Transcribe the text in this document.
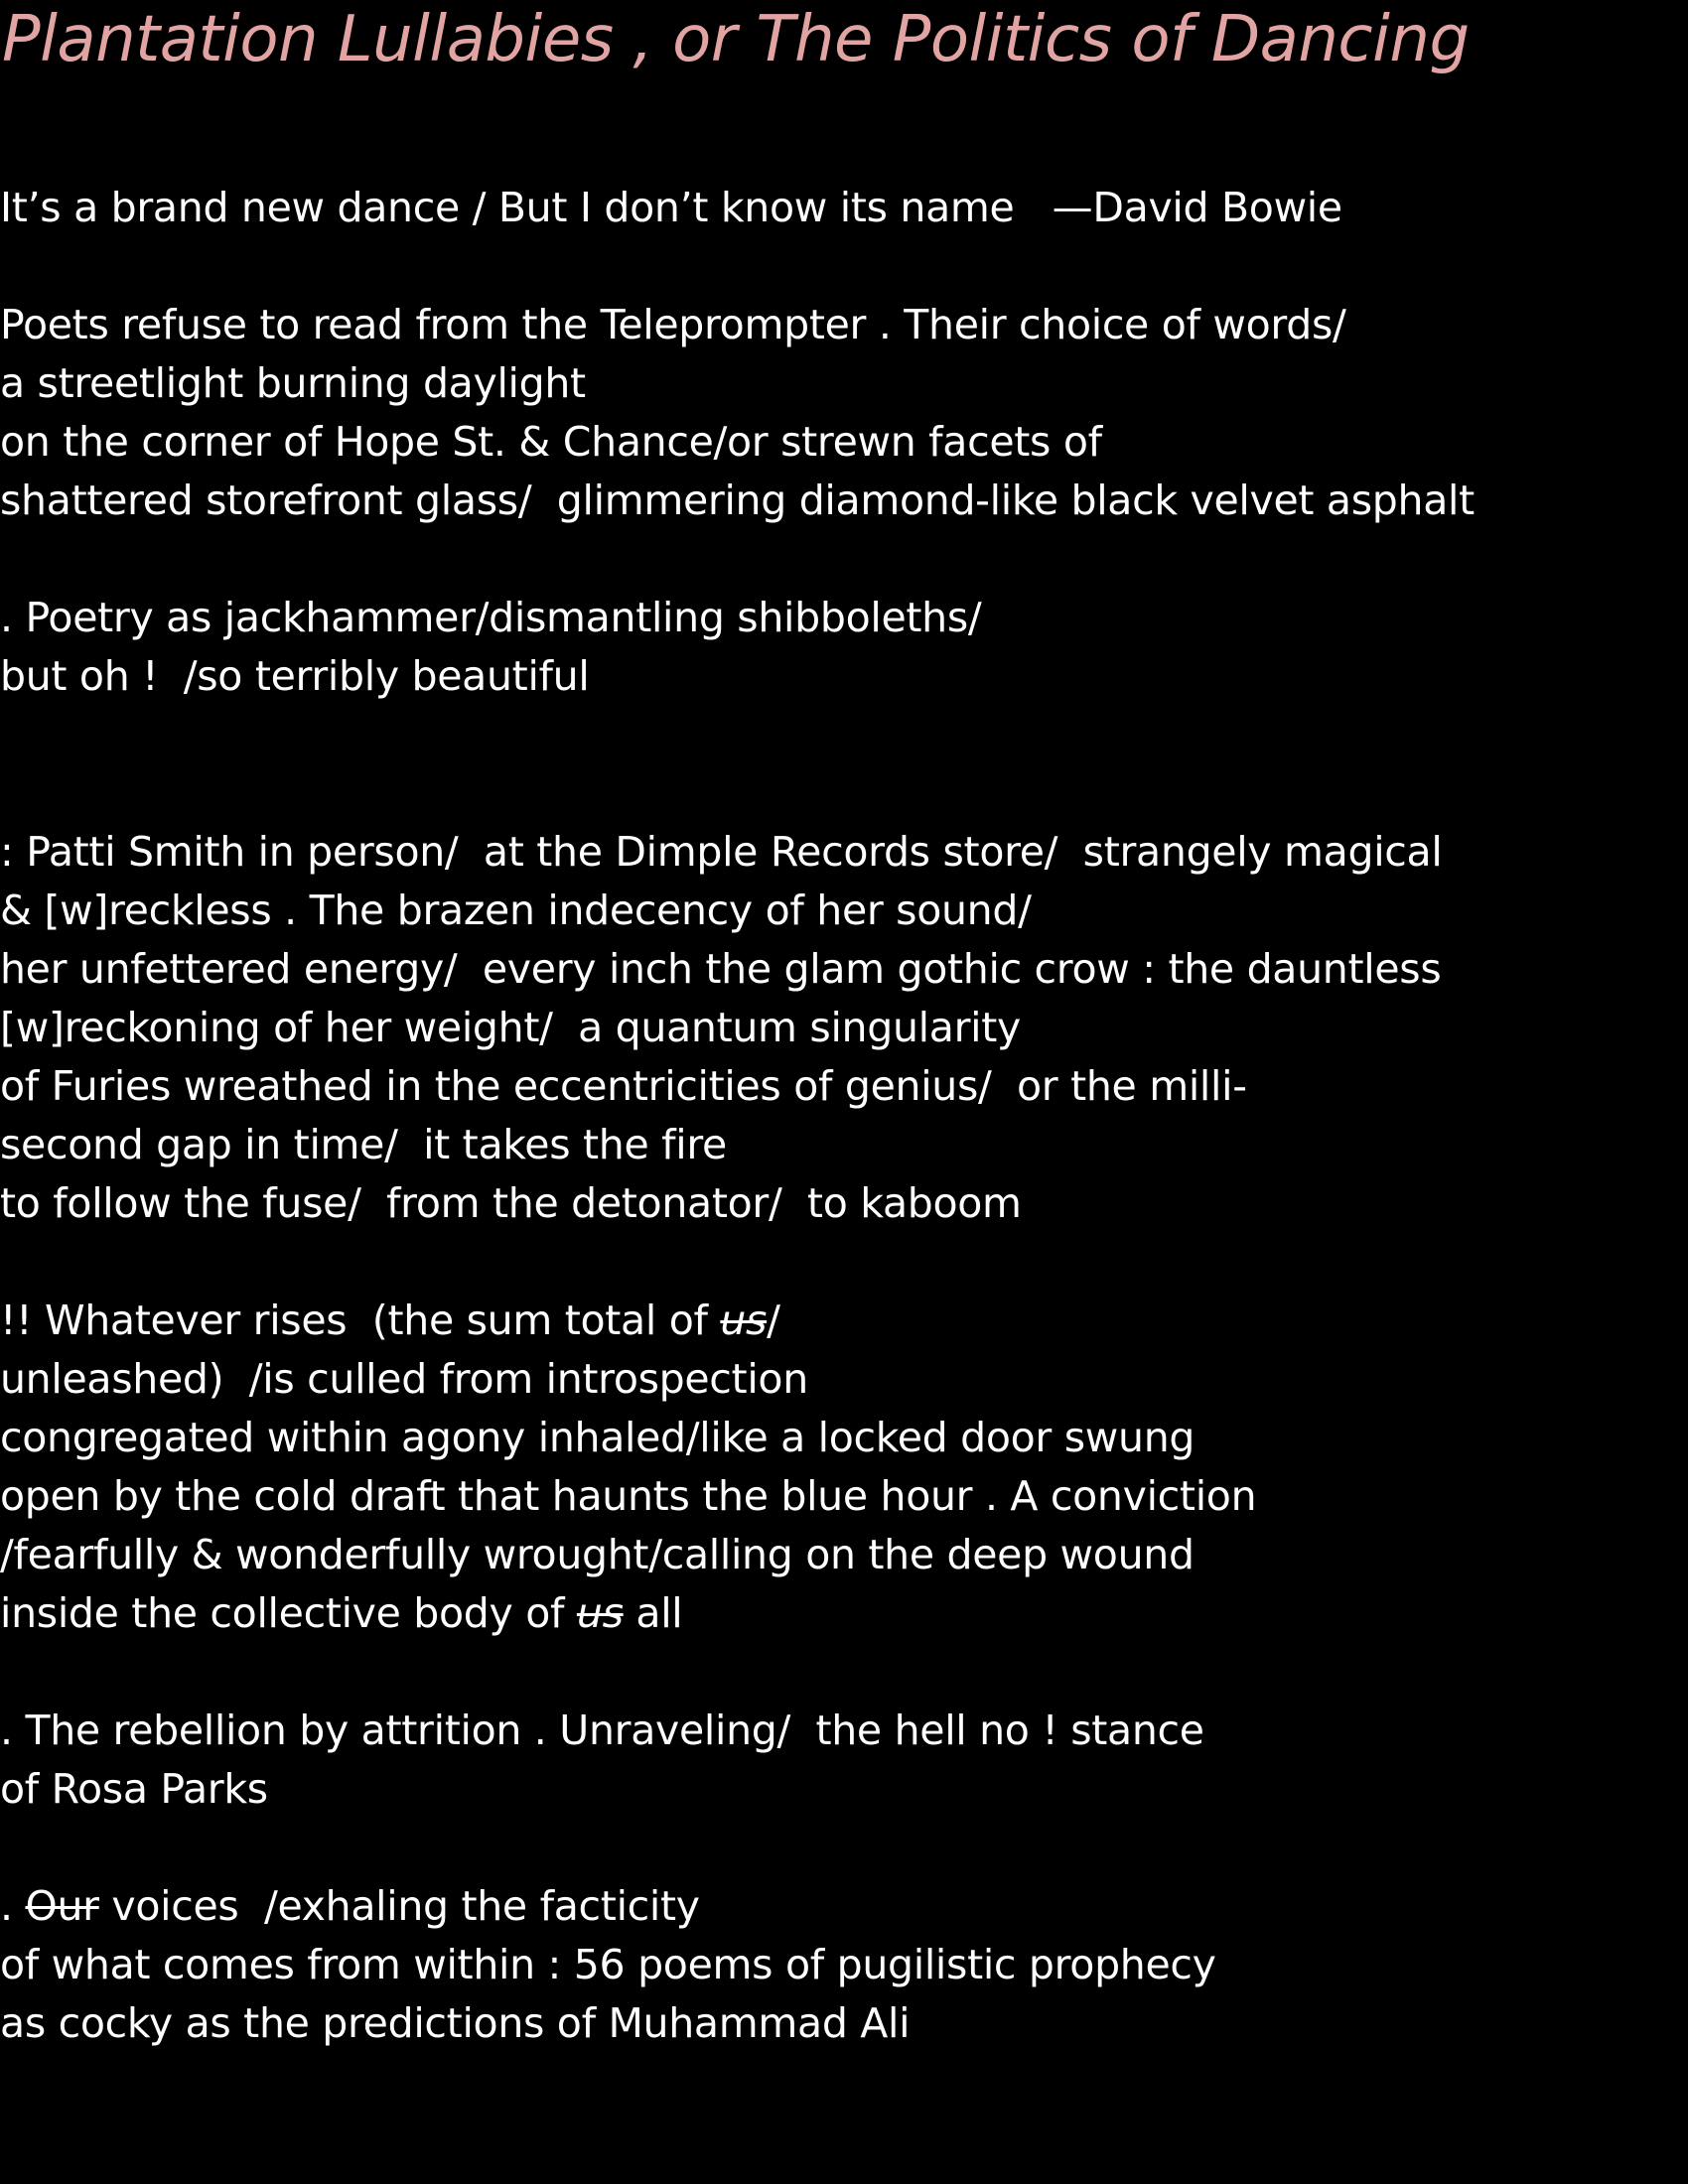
Plantation Lullabies , or The Politics of Dancing

It’s a brand new dance / But I don’t know its name   —David Bowie

Poets refuse to read from the Teleprompter . Their choice of words/

a streetlight burning daylight

on the corner of Hope St. & Chance/or strewn facets of

shattered storefront glass/  glimmering diamond-like black velvet asphalt

. Poetry as jackhammer/dismantling shibboleths/

but oh !  /so terribly beautiful

: Patti Smith in person/  at the Dimple Records store/  strangely magical

& [w]reckless . The brazen indecency of her sound/

her unfettered energy/  every inch the glam gothic crow : the dauntless

[w]reckoning of her weight/  a quantum singularity

of Furies wreathed in the eccentricities of genius/  or the milli-

second gap in time/  it takes the fire

to follow the fuse/  from the detonator/  to kaboom

!! Whatever rises  (the sum total of us/

unleashed)  /is culled from introspection

congregated within agony inhaled/like a locked door swung

open by the cold draft that haunts the blue hour . A conviction

/fearfully & wonderfully wrought/calling on the deep wound

inside the collective body of us all

. The rebellion by attrition . Unraveling/  the hell no ! stance

of Rosa Parks

. Our voices  /exhaling the facticity

of what comes from within : 56 poems of pugilistic prophecy

as cocky as the predictions of Muhammad Ali
